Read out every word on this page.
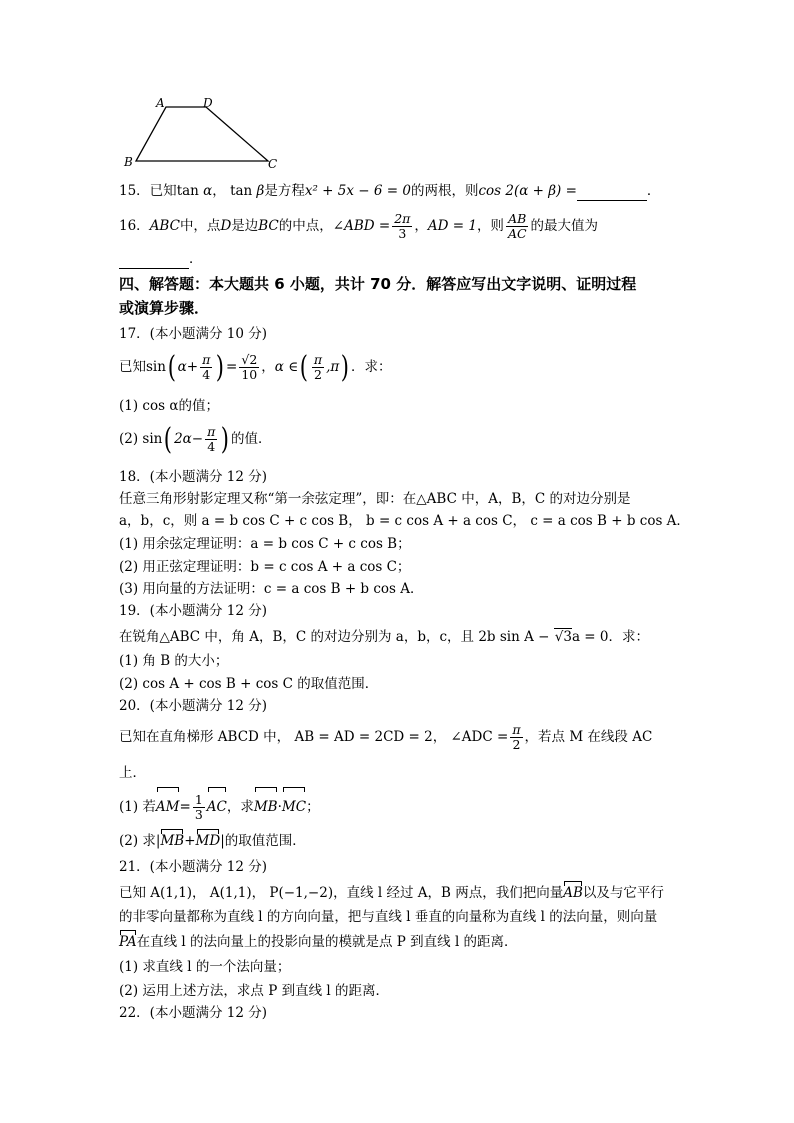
A	D
B	C
15．已知tan α， tan β是方程x² + 5x − 6 = 0的两根，则cos 2(α + β) =	．
16．ABC中，点D是边BC的中点，∠ABD = $\frac{2\pi}{3}$ ，AD = 1，则 $\frac{AB}{AC}$ 的最大值为
．
四、解答题：本大题共 6 小题，共计 70 分．解答应写出文字说明、证明过程
或演算步骤．
17．(本小题满分 10 分)
已知sin( $\alpha+ \frac{\pi}{4}$ ) = $\frac{√2}{10}$ ，α ∈( $\frac{\pi}{2} ,\pi$) ．求：
(1) cos α的值；
(2) sin( $2\alpha- \frac{\pi}{4}$ ) 的值．
18．(本小题满分 12 分)
任意三角形射影定理又称“第一余弦定理”，即：在△ABC 中，A，B，C 的对边分别是
a，b，c，则 a = b cos C + c cos B， b = c cos A + a cos C， c = a cos B + b cos A．
(1) 用余弦定理证明：a = b cos C + c cos B；
(2) 用正弦定理证明：b = c cos A + a cos C；
(3) 用向量的方法证明：c = a cos B + b cos A．
19．(本小题满分 12 分)
在锐角△ABC 中，角 A，B，C 的对边分别为 a，b，c，且 2b sin A − √3a = 0．求：
(1) 角 B 的大小；
(2) cos A + cos B + cos C 的取值范围．
20．(本小题满分 12 分)
已知在直角梯形 ABCD 中， AB = AD = 2CD = 2， ∠ADC = $\frac{\pi}{2}$ ，若点 M 在线段 AC
上．
(1) 若$AM= \frac{1}{3}$ AC，求MB·MC；
(2) 求|MB+MD|的取值范围．
21．(本小题满分 12 分)
已知 A(1,1)， A(1,1)， P(−1,−2)，直线 l 经过 A，B 两点，我们把向量AB以及与它平行
的非零向量都称为直线 l 的方向向量，把与直线 l 垂直的向量称为直线 l 的法向量，则向量
PA在直线 l 的法向量上的投影向量的模就是点 P 到直线 l 的距离．
(1) 求直线 l 的一个法向量；
(2) 运用上述方法，求点 P 到直线 l 的距离．
22．(本小题满分 12 分)
